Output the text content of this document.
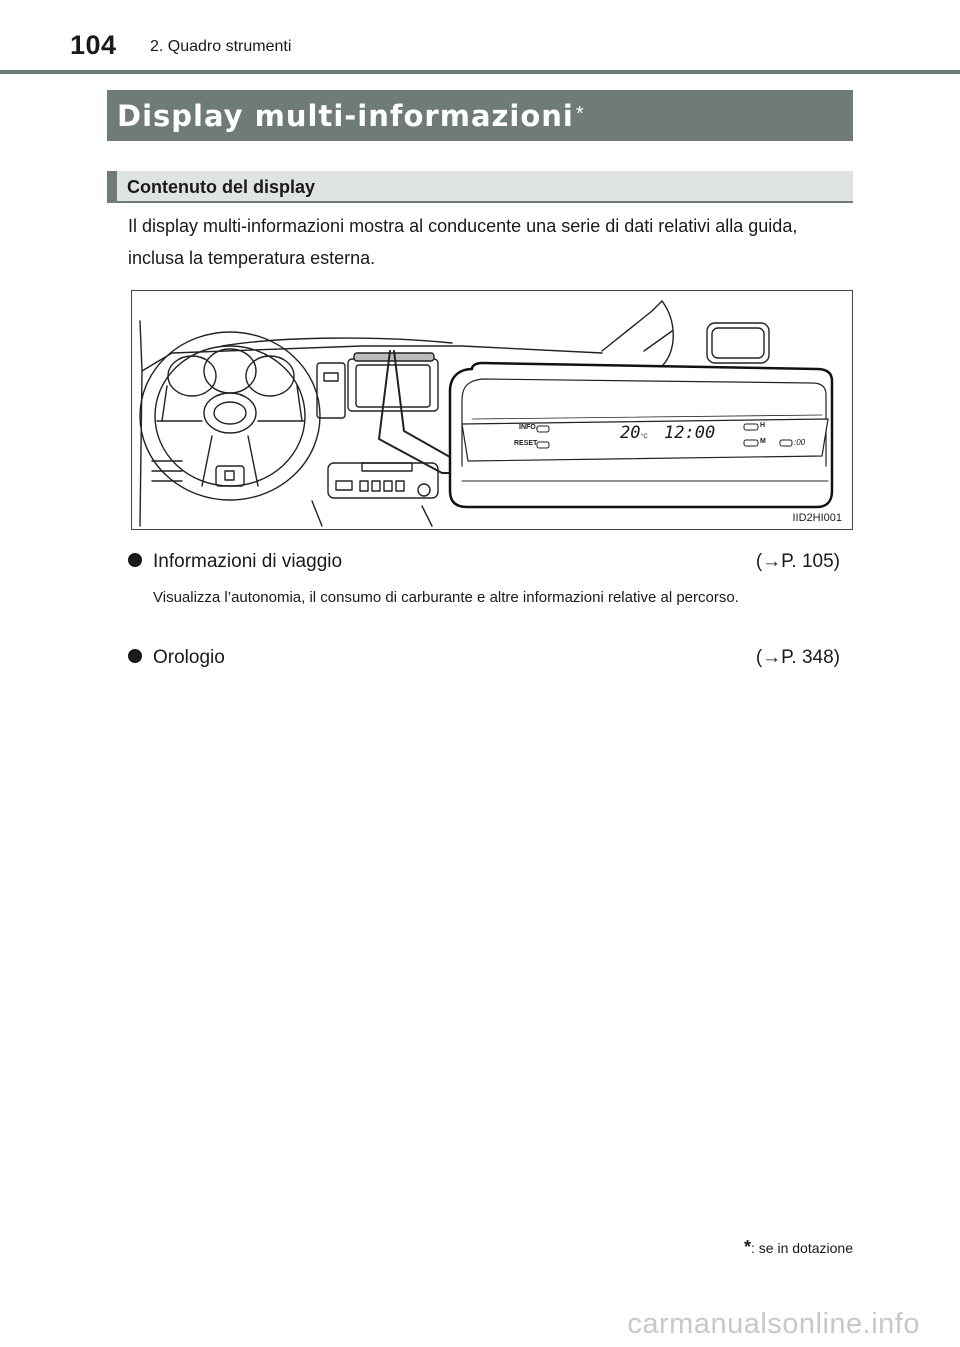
104 2. Quadro strumenti
Display multi-informazioni *
Contenuto del display

Il display multi-informazioni mostra al conducente una serie di dati relativi alla guida, inclusa la temperatura esterna.

INFO.
RESET
20 °C 12:00	H
M	:00
IID2HI001
Informazioni di viaggio	(→P. 105)

Visualizza l’autonomia, il consumo di carburante e altre informazioni relative al percorso.

Orologio	(→P. 348)
*: se in dotazione
carmanualsonline.info
